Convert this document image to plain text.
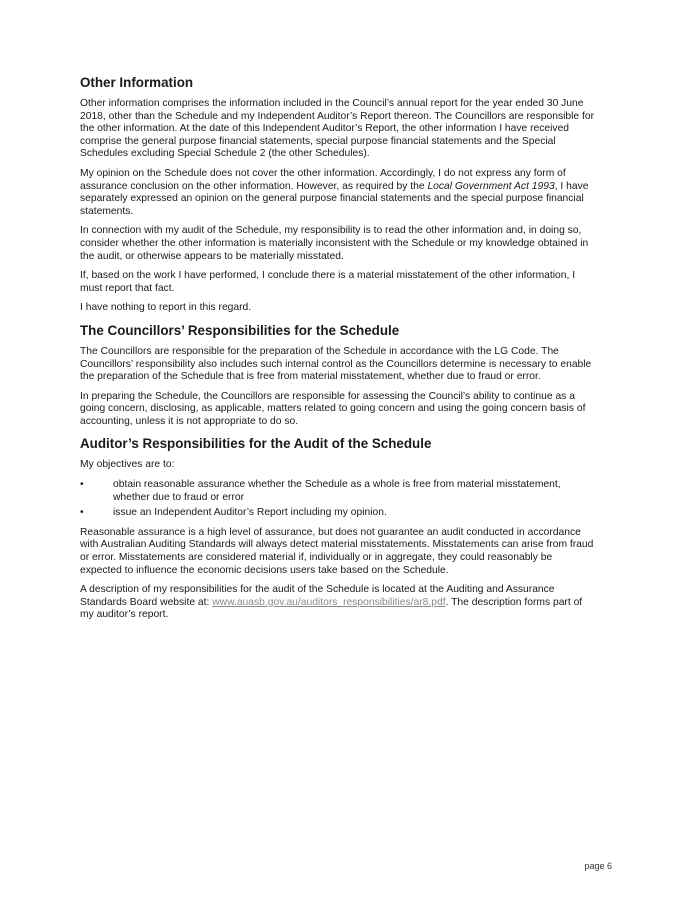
Other Information

Other information comprises the information included in the Council’s annual report for the year ended 30 June 2018, other than the Schedule and my Independent Auditor’s Report thereon. The Councillors are responsible for the other information. At the date of this Independent Auditor’s Report, the other information I have received comprise the general purpose financial statements, special purpose financial statements and the Special Schedules excluding Special Schedule 2 (the other Schedules).

My opinion on the Schedule does not cover the other information. Accordingly, I do not express any form of assurance conclusion on the other information. However, as required by the Local Government Act 1993, I have separately expressed an opinion on the general purpose financial statements and the special purpose financial statements.

In connection with my audit of the Schedule, my responsibility is to read the other information and, in doing so, consider whether the other information is materially inconsistent with the Schedule or my knowledge obtained in the audit, or otherwise appears to be materially misstated.

If, based on the work I have performed, I conclude there is a material misstatement of the other information, I must report that fact.

I have nothing to report in this regard.

The Councillors’ Responsibilities for the Schedule

The Councillors are responsible for the preparation of the Schedule in accordance with the LG Code. The Councillors’ responsibility also includes such internal control as the Councillors determine is necessary to enable the preparation of the Schedule that is free from material misstatement, whether due to fraud or error.

In preparing the Schedule, the Councillors are responsible for assessing the Council’s ability to continue as a going concern, disclosing, as applicable, matters related to going concern and using the going concern basis of accounting, unless it is not appropriate to do so.

Auditor’s Responsibilities for the Audit of the Schedule

My objectives are to:

•	obtain reasonable assurance whether the Schedule as a whole is free from material misstatement, whether due to fraud or error
•	issue an Independent Auditor’s Report including my opinion.

Reasonable assurance is a high level of assurance, but does not guarantee an audit conducted in accordance with Australian Auditing Standards will always detect material misstatements. Misstatements can arise from fraud or error. Misstatements are considered material if, individually or in aggregate, they could reasonably be expected to influence the economic decisions users take based on the Schedule.

A description of my responsibilities for the audit of the Schedule is located at the Auditing and Assurance Standards Board website at: www.auasb.gov.au/auditors_responsibilities/ar8.pdf. The description forms part of my auditor’s report.

page 6
